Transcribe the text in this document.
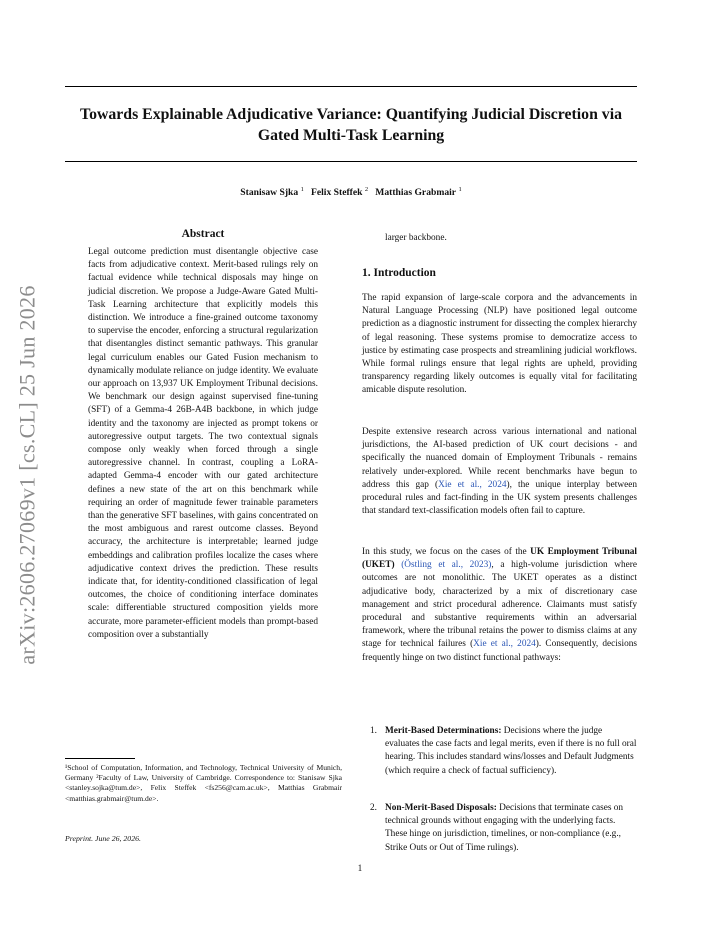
Towards Explainable Adjudicative Variance: Quantifying Judicial Discretion via Gated Multi-Task Learning
Stanisaw Sjka $^1$ Felix Steffek $^2$ Matthias Grabmair $^1$
arXiv:2606.27069v1 [cs.CL] 25 Jun 2026
Abstract

Legal outcome prediction must disentangle objective case facts from adjudicative context. Merit-based rulings rely on factual evidence while technical disposals may hinge on judicial discretion. We propose a Judge-Aware Gated Multi-Task Learning architecture that explicitly models this distinction. We introduce a fine-grained outcome taxonomy to supervise the encoder, enforcing a structural regularization that disentangles distinct semantic pathways. This granular legal curriculum enables our Gated Fusion mechanism to dynamically modulate reliance on judge identity. We evaluate our approach on 13,937 UK Employment Tribunal decisions. We benchmark our design against supervised fine-tuning (SFT) of a Gemma-4 26B-A4B backbone, in which judge identity and the taxonomy are injected as prompt tokens or autoregressive output targets. The two contextual signals compose only weakly when forced through a single autoregressive channel. In contrast, coupling a LoRA-adapted Gemma-4 encoder with our gated architecture defines a new state of the art on this benchmark while requiring an order of magnitude fewer trainable parameters than the generative SFT baselines, with gains concentrated on the most ambiguous and rarest outcome classes. Beyond accuracy, the architecture is interpretable; learned judge embeddings and calibration profiles localize the cases where adjudicative context drives the prediction. These results indicate that, for identity-conditioned classification of legal outcomes, the choice of conditioning interface dominates scale: differentiable structured composition yields more accurate, more parameter-efficient models than prompt-based composition over a substantially

¹School of Computation, Information, and Technology, Technical University of Munich, Germany ²Faculty of Law, University of Cambridge. Correspondence to: Stanisaw Sjka <stanley.sojka@tum.de>, Felix Steffek <fs256@cam.ac.uk>, Matthias Grabmair <matthias.grabmair@tum.de>.
Preprint. June 26, 2026.
larger backbone.
1. Introduction

The rapid expansion of large-scale corpora and the advancements in Natural Language Processing (NLP) have positioned legal outcome prediction as a diagnostic instrument for dissecting the complex hierarchy of legal reasoning. These systems promise to democratize access to justice by estimating case prospects and streamlining judicial workflows. While formal rulings ensure that legal rights are upheld, providing transparency regarding likely outcomes is equally vital for facilitating amicable dispute resolution.

Despite extensive research across various international and national jurisdictions, the AI-based prediction of UK court decisions - and specifically the nuanced domain of Employment Tribunals - remains relatively under-explored. While recent benchmarks have begun to address this gap (Xie et al., 2024), the unique interplay between procedural rules and fact-finding in the UK system presents challenges that standard text-classification models often fail to capture.

In this study, we focus on the cases of the UK Employment Tribunal (UKET) (Östling et al., 2023), a high-volume jurisdiction where outcomes are not monolithic. The UKET operates as a distinct adjudicative body, characterized by a mix of discretionary case management and strict procedural adherence. Claimants must satisfy procedural and substantive requirements within an adversarial framework, where the tribunal retains the power to dismiss claims at any stage for technical failures (Xie et al., 2024). Consequently, decisions frequently hinge on two distinct functional pathways:

1. Merit-Based Determinations: Decisions where the judge evaluates the case facts and legal merits, even if there is no full oral hearing. This includes standard wins/losses and Default Judgments (which require a check of factual sufficiency).
2. Non-Merit-Based Disposals: Decisions that terminate cases on technical grounds without engaging with the underlying facts. These hinge on jurisdiction, timelines, or non-compliance (e.g., Strike Outs or Out of Time rulings).
1
